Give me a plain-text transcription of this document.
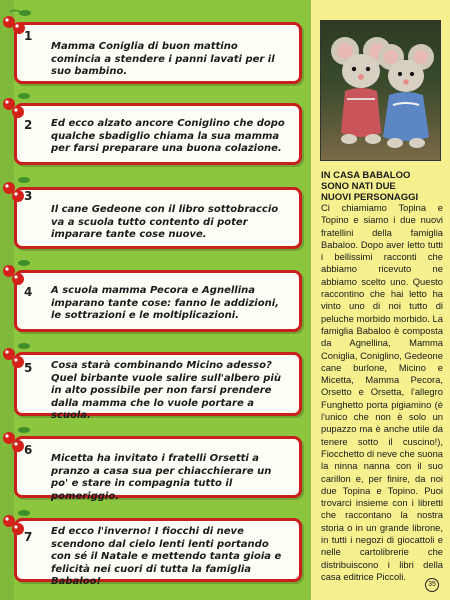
1
Mamma Coniglia di buon mattino comincia a stendere i panni lavati per il suo bambino.
2 Ed ecco alzato ancore Coniglino che dopo qualche sbadiglio chiama la sua mamma per farsi preparare una buona colazione.
3
Il cane Gedeone con il libro sottobraccio va a scuola tutto contento di poter imparare tante cose nuove.
4 A scuola mamma Pecora e Agnellina imparano tante cose: fanno le addizioni, le sottrazioni e le moltiplicazioni.
5 Cosa starà combinando Micino adesso? Quel birbante vuole salire sull'albero più in alto possibile per non farsi prendere dalla mamma che lo vuole portare a scuola.
6
Micetta ha invitato i fratelli Orsetti a pranzo a casa sua per chiacchierare un po' e stare in compagnia tutto il pomeriggio.
7 Ed ecco l'inverno! I fiocchi di neve scendono dal cielo lenti lenti portando con sé il Natale e mettendo tanta gioia e felicità nei cuori di tutta la famiglia Babaloo!
IN CASA BABALOO
SONO NATI DUE
NUOVI PERSONAGGI
Ci chiamiamo Topina e Topino e siamo i due nuovi fratellini della famiglia Babaloo. Dopo aver letto tutti i bellissimi racconti che abbiamo ricevuto ne abbiamo scelto uno. Questo raccontino che hai letto ha vinto uno di noi tutto di peluche morbido morbido. La famiglia Babaloo è composta da Agnellina, Mamma Coniglia, Coniglino, Gedeone cane burlone, Micino e Micetta, Mamma Pecora, Orsetto e Orsetta, l'allegro Funghetto porta pigiamino (è l'unico che non è solo un pupazzo ma è anche utile da tenere sotto il cuscino!), Fiocchetto di neve che suona la ninna nanna con il suo carillon e, per finire, da noi due Topina e Topino. Puoi trovarci insieme con i libretti che raccontano la nostra storia o in un grande librone, in tutti i negozi di giocattoli e nelle cartolibrerie che distribuiscono i libri della casa editrice Piccoli.
35
